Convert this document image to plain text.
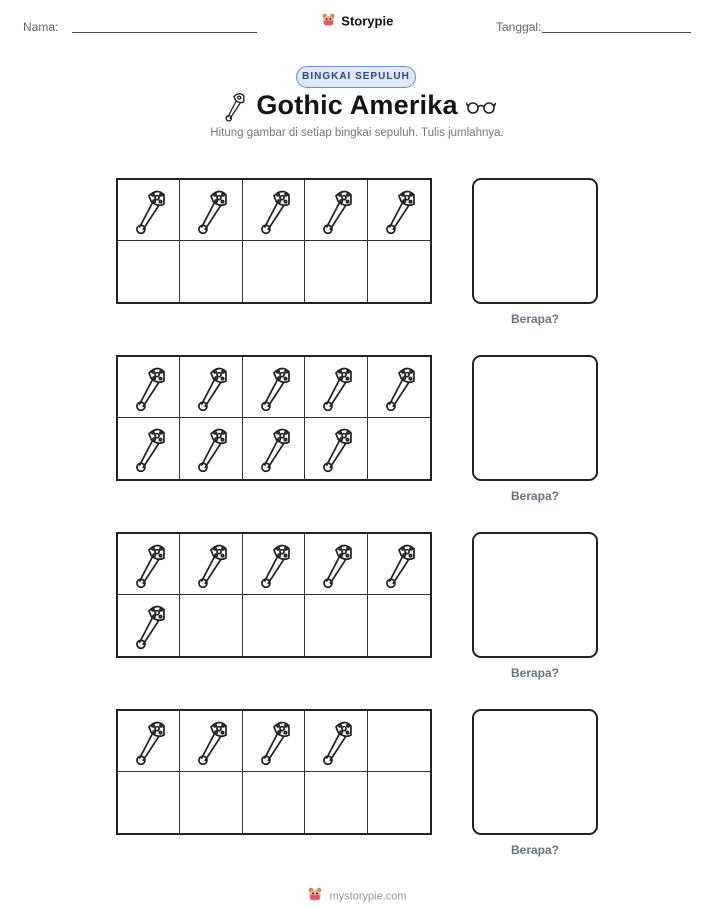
Nama:	Storypie	Tanggal:
BINGKAI SEPULUH
Gothic Amerika
Hitung gambar di setiap bingkai sepuluh. Tulis jumlahnya.
Berapa?
Berapa?
Berapa?
Berapa?
mystorypie.com
